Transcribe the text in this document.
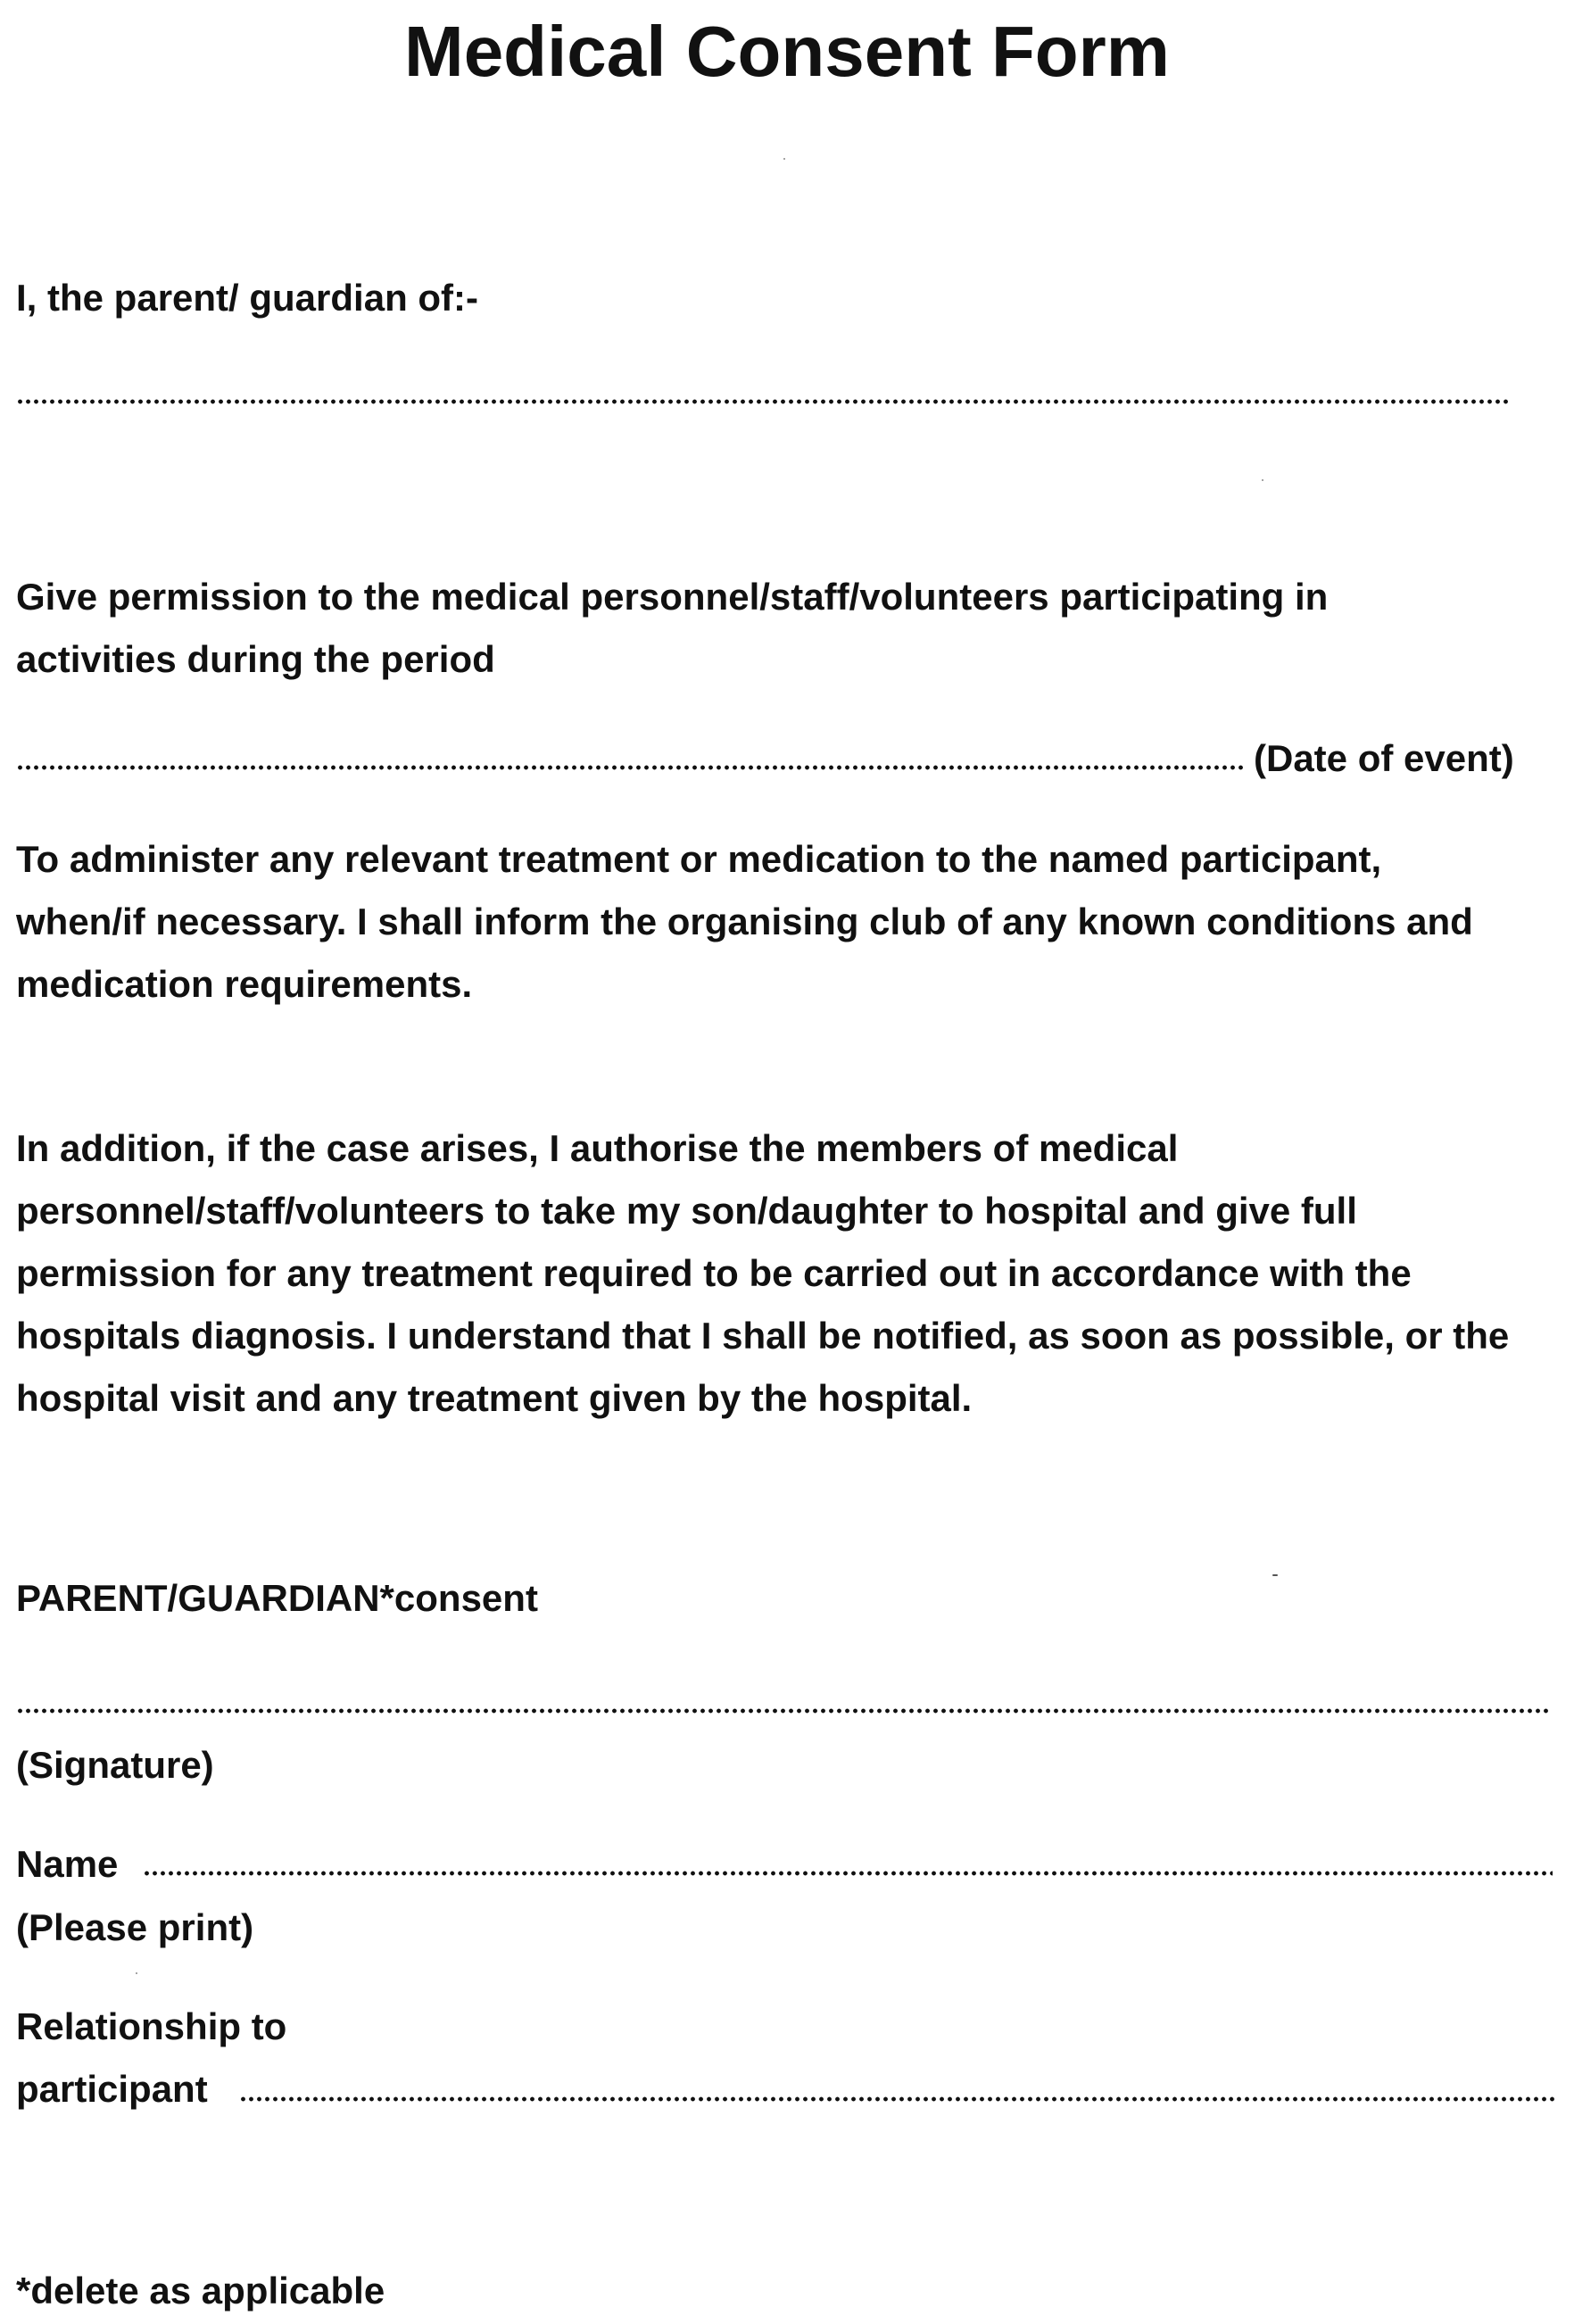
Medical Consent Form
I, the parent/ guardian of:-
Give permission to the medical personnel/staff/volunteers participating in
activities during the period
(Date of event)
To administer any relevant treatment or medication to the named participant,
when/if necessary. I shall inform the organising club of any known conditions and
medication requirements.
In addition, if the case arises, I authorise the members of medical
personnel/staff/volunteers to take my son/daughter to hospital and give full
permission for any treatment required to be carried out in accordance with the
hospitals diagnosis. I understand that I shall be notified, as soon as possible, or the
hospital visit and any treatment given by the hospital.
PARENT/GUARDIAN*consent
(Signature)
Name
(Please print)
Relationship to
participant
*delete as applicable
